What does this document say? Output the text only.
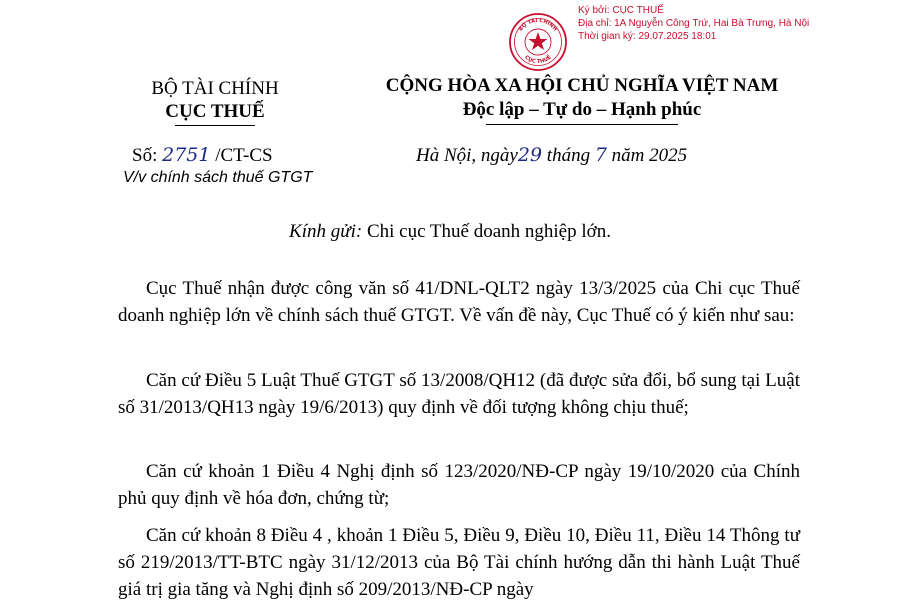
Ký bởi: CỤC THUẾ
Địa chỉ: 1A Nguyễn Công Trứ, Hai Bà Trưng, Hà Nội
Thời gian ký: 29.07.2025 18:01
BỘ TÀI CHÍNH
CỤC THUẾ
BỘ TÀI CHÍNH
CỤC THUẾ
CỘNG HÒA XA HỘI CHỦ NGHĨA VIỆT NAM
Độc lập – Tự do – Hạnh phúc
Số: 2751 /CT-CS
V/v chính sách thuế GTGT
Hà Nội, ngày29 tháng 7 năm 2025
Kính gửi: Chi cục Thuế doanh nghiệp lớn.
Cục Thuế nhận được công văn số 41/DNL-QLT2 ngày 13/3/2025 của Chi cục Thuế doanh nghiệp lớn về chính sách thuế GTGT. Về vấn đề này, Cục Thuế có ý kiến như sau:
Căn cứ Điều 5 Luật Thuế GTGT số 13/2008/QH12 (đã được sửa đổi, bổ sung tại Luật số 31/2013/QH13 ngày 19/6/2013) quy định về đối tượng không chịu thuế;
Căn cứ khoản 1 Điều 4 Nghị định số 123/2020/NĐ-CP ngày 19/10/2020 của Chính phủ quy định về hóa đơn, chứng từ;
Căn cứ khoản 8 Điều 4 , khoản 1 Điều 5, Điều 9, Điều 10, Điều 11, Điều 14 Thông tư số 219/2013/TT-BTC ngày 31/12/2013 của Bộ Tài chính hướng dẫn thi hành Luật Thuế giá trị gia tăng và Nghị định số 209/2013/NĐ-CP ngày
